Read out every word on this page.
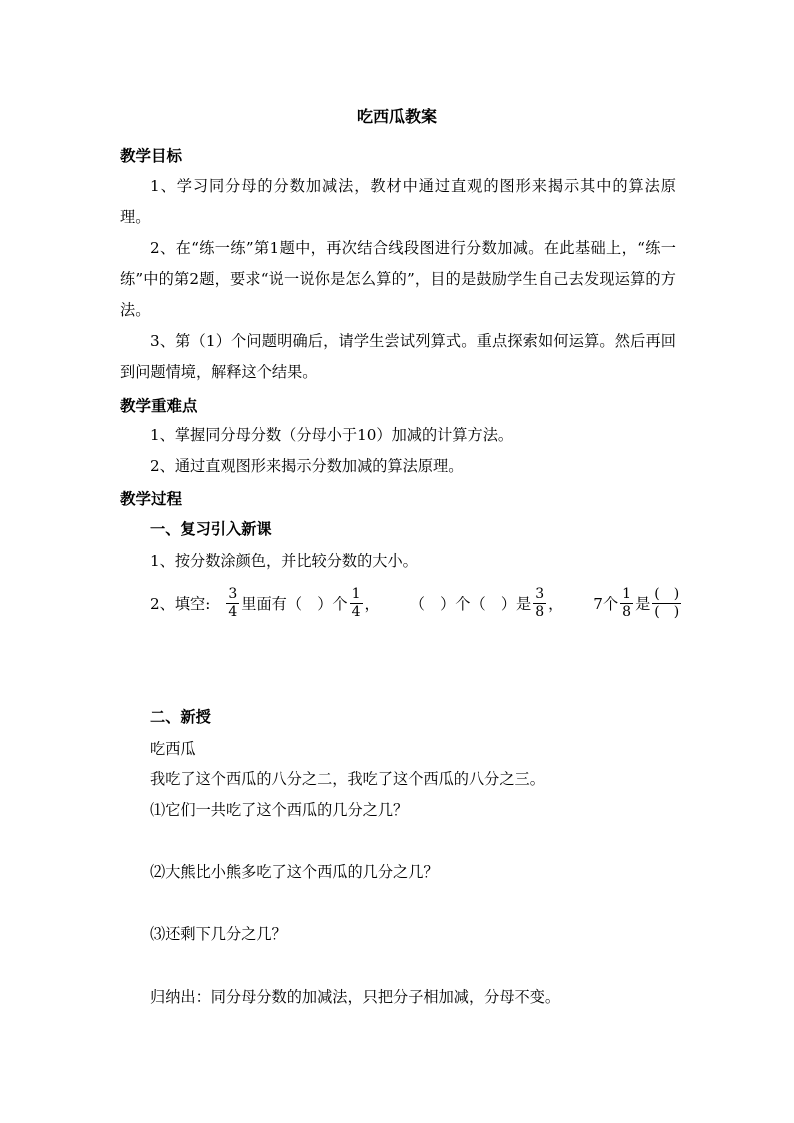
吃西瓜教案
教学目标

1、学习同分母的分数加减法，教材中通过直观的图形来揭示其中的算法原理。

2、在“练一练”第1题中，再次结合线段图进行分数加减。在此基础上，“练一练”中的第2题，要求“说一说你是怎么算的”，目的是鼓励学生自己去发现运算的方法。

3、第（1）个问题明确后，请学生尝试列算式。重点探索如何运算。然后再回到问题情境，解释这个结果。

教学重难点

1、掌握同分母分数（分母小于10）加减的计算方法。

2、通过直观图形来揭示分数加减的算法原理。

教学过程
一、复习引入新课
1、按分数涂颜色，并比较分数的大小。
2、填空: $\frac{3}{4}$ 里面有（　）个 $\frac{1}{4}$ ， （　）个（　）是 $\frac{3}{8}$ ， 7个 $\frac{1}{8}$ 是 $\frac{( )}{( )}$
二、新授
吃西瓜
我吃了这个西瓜的八分之二，我吃了这个西瓜的八分之三。
⑴它们一共吃了这个西瓜的几分之几？
⑵大熊比小熊多吃了这个西瓜的几分之几？
⑶还剩下几分之几？
归纳出：同分母分数的加减法，只把分子相加减，分母不变。
